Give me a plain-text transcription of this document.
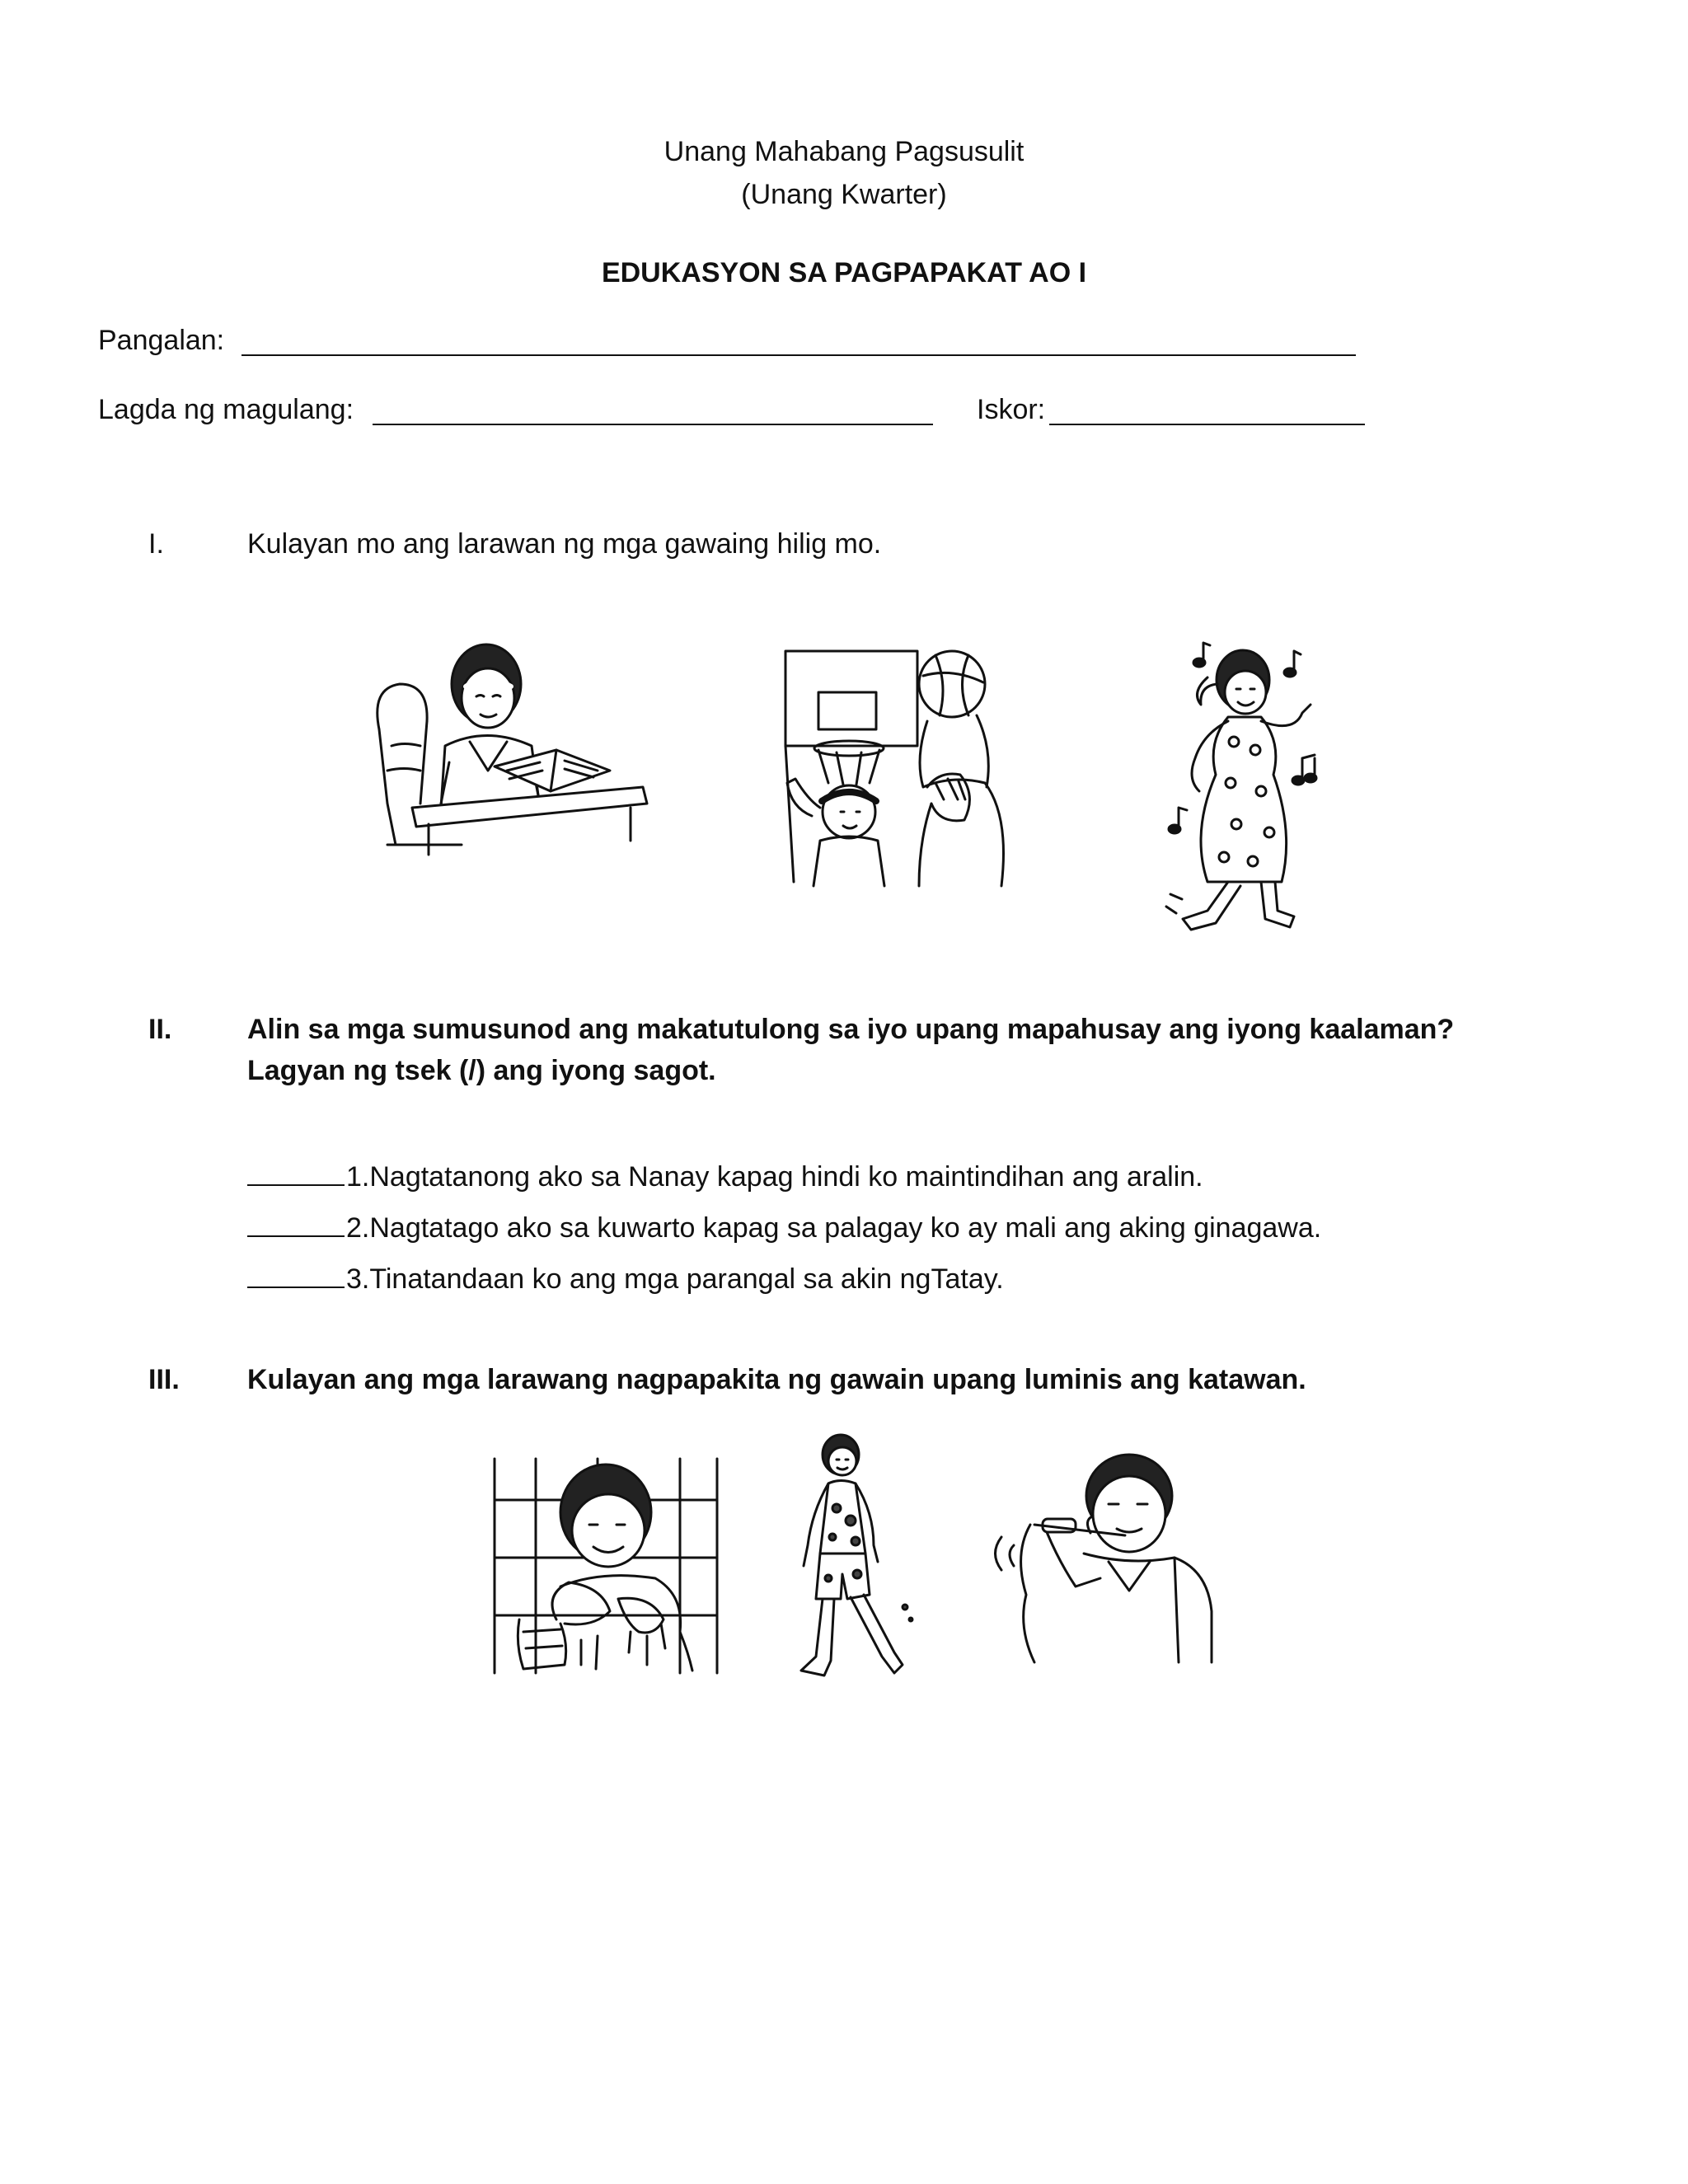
Unang Mahabang Pagsusulit
(Unang Kwarter)
EDUKASYON SA PAGPAPAKAT AO I
Pangalan:
Lagda ng magulang:	Iskor:
I.	Kulayan mo ang larawan ng mga gawaing hilig mo.
II.	Alin sa mga sumusunod ang makatutulong sa iyo upang mapahusay ang iyong kaalaman?
Lagyan ng tsek (/) ang iyong sagot.
1.Nagtatanong ako sa Nanay kapag hindi ko maintindihan ang aralin.
2.Nagtatago ako sa kuwarto kapag sa palagay ko ay mali ang aking ginagawa.
3.Tinatandaan ko ang mga parangal sa akin ngTatay.
III. Kulayan ang mga larawang nagpapakita ng gawain upang luminis ang katawan.
